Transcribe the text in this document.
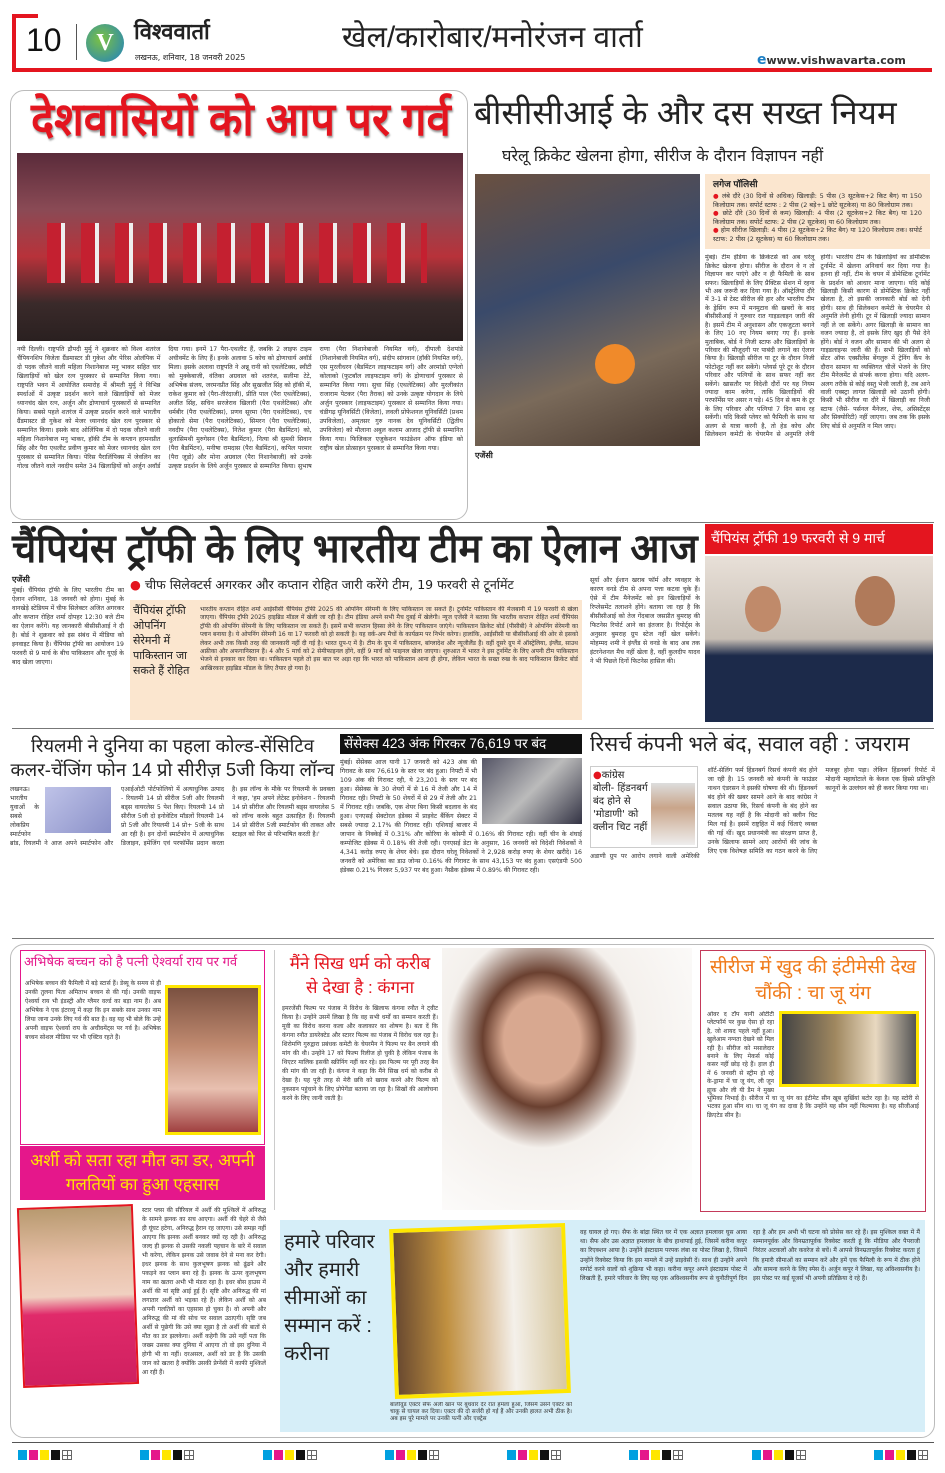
10	V विश्ववार्ता
लखनऊ, शनिवार, 18 जनवरी 2025
खेल/कारोबार/मनोरंजन वार्ता
ewww.vishwavarta.com
देशवासियों को आप पर गर्व
नयी दिल्ली। राष्ट्रपति द्रौपदी मुर्मु ने शुक्रवार को विश्व शतरंज चैंपियनशिप विजेता ग्रैंडमास्टर डी गुकेश और पेरिस ओलंपिक में दो पदक जीतने वाली महिला निशानेबाज मनु भाकर सहित चार खिलाड़ियों को खेल रत्न पुरस्कार से सम्मानित किया गया। राष्ट्रपति भवन में आयोजित समारोह में श्रीमती मुर्मु ने विभिन्न स्पर्धाओं में उत्कृष्ट प्रदर्शन करने वाले खिलाड़ियों को मेजर ध्यानचंद खेल रत्न, अर्जुन और द्रोणाचार्य पुरस्कारों से सम्मानित किया। सबसे पहले शतरंज में उत्कृष्ट प्रदर्शन करने वाले भारतीय ग्रैंडमास्टर डी गुकेश को मेजर ध्यानचंद खेल रत्न पुरस्कार से सम्मानित किया। इसके बाद ओलिंपिक में दो पदक जीतने वाली महिला निशानेबाज मनु भाकर, हॉकी टीम के कप्तान हरमनप्रीत सिंह और पैरा एथलीट प्रवीण कुमार को मेजर ध्यानचंद खेल रत्न पुरस्कार से सम्मानित किया। पेरिस पैरालिंपिक्स में जेवलिन का गोल्ड जीतने वाले नवदीप समेत 34 खिलाड़ियों को अर्जुन अवॉर्ड दिया गया। इनमें 17 पैरा-एथलीट हैं, जबकि 2 लाइफ टाइम अचीवमेंट के लिए हैं। इनके अलावा 5 कोच को द्रोणाचार्य अवॉर्ड मिला। इसके अलावा राष्ट्रपति ने अन्नू रानी को एथलेटिक्स, स्वीटी को मुक्केबाजी, वंतिका अग्रवाल को शतरंज, सलीमा टेटे, अभिषेक संजय, जरमनप्रीत सिंह और सुखजीत सिंह को हॉकी में, राकेश कुमार को (पैरा-तीरंदाजी), प्रीति पाल (पैरा एथलेटिक्स), अजीत सिंह, सचिन सरजेराव खिलारी (पैरा एथलेटिक्स) और धर्मबीर (पैरा एथलेटिक्स), प्रणव सूरमा (पैरा एथलेटिक्स), एच होकातो सेमा (पैरा एथलेटिक्स), सिमरन (पैरा एथलेटिक्स), नवदीप (पैरा एथलेटिक्स), नितेश कुमार (पैरा बैडमिंटन) को, थुलासिमथी मुरुगेसन (पैरा बैडमिंटन), नित्या श्री सुमथी सिवान (पैरा बैडमिंटन), मनीषा रामदास (पैरा बैडमिंटन), कपिल परमार (पैरा जूडो) और मोना अग्रवाल (पैरा निशानेबाजी) को उनके उत्कृष्ट प्रदर्शन के लिये अर्जुन पुरस्कार से सम्मानित किया। सुभाष राणा (पैरा निशानेबाजी नियमित वर्ग), दीपाली देशपांडे (निशानेबाजी नियमित वर्ग), संदीप सांगवान (हॉकी नियमित वर्ग), एस मुरलीधरन (बैडमिंटन लाइफटाइम वर्ग) और अरमांडो एग्नेलो कोलाको (फुटबॉल लाइफटाइम वर्ग) के द्रोणाचार्य पुरस्कार से सम्मानित किया गया। सुचा सिंह (एथलेटिक्स) और मुरलीकांत राजाराम पेटकर (पैरा तैराक) को उनके उत्कृष्ट योगदान के लिये अर्जुन पुरस्कार (लाइफटाइम) पुरस्कार से सम्मानित किया गया। चंडीगढ़ यूनिवर्सिटी (विजेता), लवली प्रोफेशनल यूनिवर्सिटी (प्रथम उपविजेता), अमृतसर गुरु नानक देव यूनिवर्सिटी (द्वितीय उपविजेता) को मौलाना अबुल कलाम आजाद ट्रॉफी से सम्मानित किया गया। फिजिकल एजुकेशन फाउंडेशन ऑफ इंडिया को राष्ट्रीय खेल प्रोत्साहन पुरस्कार से सम्मानित किया गया।
बीसीसीआई के और दस सख्त नियम
घरेलू क्रिकेट खेलना होगा, सीरीज के दौरान विज्ञापन नहीं
एजेंसी
लगेज पॉलिसी
● लंबे दौरे (30 दिनों से अधिक) खिलाड़ी: 5 पीस (3 सूटकेस+2 किट बैग) या 150 किलोग्राम तक। सपोर्ट स्टाफ : 2 पीस (2 बड़े+1 छोटे सूटकेस) या 80 किलोग्राम तक।
● छोटे दौरे (30 दिनों से कम) खिलाड़ी: 4 पीस (2 सूटकेस+2 किट बैग) या 120 किलोग्राम तक। सपोर्ट स्टाफ: 2 पीस (2 सूटकेस) या 60 किलोग्राम तक।
● होम सीरीज खिलाड़ी: 4 पीस (2 सूटकेस+2 किट बैग) या 120 किलोग्राम तक। सपोर्ट स्टाफ: 2 पीस (2 सूटकेस) या 60 किलोग्राम तक।
मुंबई। टीम इंडिया के क्रिकेटर्स को अब घरेलू क्रिकेट खेलना होगा। सीरीज के दौरान वे न तो विज्ञापन कर पाएंगे और न ही फैमिली के साथ सफर। खिलाड़ियों के लिए प्रैक्टिस सेशन में रहना भी अब जरूरी कर दिया गया है। ऑस्ट्रेलिया दौरे में 3-1 से टेस्ट सीरीज की हार और भारतीय टीम के ड्रेसिंग रूम में मनमुटाव की खबरों के बाद बीसीसीआई ने गुरुवार रात गाइडलाइन जारी की है। इसमें टीम में अनुशासन और एकजुटता बनाने के लिए 10 नए नियम बनाए गए हैं। इनके मुताबिक, बोर्ड ने निजी स्टाफ और खिलाड़ियों के परिवार की मौजूदगी पर पाबंदी लगाने का ऐलान किया है। खिलाड़ी सीरीज या टूर के दौरान निजी फोटोशूट नहीं कर सकेंगे। प्लेयर्स पूरे टूर के दौरान परिवार और पत्नियों के साथ सफर नहीं कर सकेंगे। खासतौर पर विदेशी दौरों पर यह नियम ज्यादा काम करेगा, ताकि खिलाड़ियों की परफॉर्मेंस पर असर न पड़े। 45 दिन से कम के टूर के लिए परिवार और पत्नियां 7 दिन साथ रह सकेंगी। यदि किसी प्लेयर को फैमिली के साथ या अलग से यात्रा करनी है, तो हेड कोच और सिलेक्शन कमेटी के चेयरमैन से अनुमति लेनी होगी। भारतीय टीम के खिलाड़ियों का डोमेस्टिक टूर्नामेंट में खेलना अनिवार्य कर दिया गया है। इतना ही नहीं, टीम के चयन में डोमेस्टिक टूर्नामेंट के प्रदर्शन को आधार माना जाएगा। यदि कोई खिलाड़ी किसी कारण से डोमेस्टिक क्रिकेट नहीं खेलता है, तो इसकी जानकारी बोर्ड को देनी होगी। साथ ही सिलेक्शन कमेटी के चेयरमैन से अनुमति लेनी होगी। टूर में खिलाड़ी ज्यादा सामान नहीं ले जा सकेंगे। अगर खिलाड़ी के सामान का वजन ज्यादा है, तो इसके लिए खुद ही पैसे देने होंगे। बोर्ड ने वजन और सामान की भी अलग से गाइडलाइन्स जारी की हैं। सभी खिलाड़ियों को सेंटर ऑफ एक्सीलेंस बेंगलुरु में ट्रेनिंग कैंप के दौरान सामान या व्यक्तिगत चीजें भेजने के लिए टीम मैनेजमेंट से संपर्क करना होगा। यदि अलग-अलग तरीके से कोई वस्तु भेजी जाती है, तब आने वाली एक्स्ट्रा लागत खिलाड़ी को उठानी होगी। किसी भी सीरीज या दौरे में खिलाड़ी का निजी स्टाफ (जैसे- पर्सनल मैनेजर, शेफ, असिस्टेंट्स और सिक्योरिटी) नहीं जाएगा। जब तक कि इसके लिए बोर्ड से अनुमति न मिल जाए।
चैंपियंस ट्रॉफी के लिए भारतीय टीम का ऐलान आज चैंपियंस ट्रॉफी 19 फरवरी से 9 मार्च
एजेंसी
मुंबई। चैंपियंस ट्रॉफी के लिए भारतीय टीम का ऐलान शनिवार, 18 जनवरी को होगा। मुंबई के वानखेड़े स्टेडियम में चीफ सिलेक्टर अजित अगरकर और कप्तान रोहित शर्मा दोपहर 12:30 बजे टीम का ऐलान करेंगे। यह जानकारी बीसीसीआई ने दी है। बोर्ड ने शुक्रवार को इस संबंध में मीडिया को इनवाइट किया है। चैंपियंस ट्रॉफी का आयोजन 19 फरवरी से 9 मार्च के बीच पाकिस्तान और यूएई के बाद खेला जाएगा।
● चीफ सिलेक्टर्स अगरकर और कप्तान रोहित जारी करेंगे टीम, 19 फरवरी से टूर्नामेंट
चैंपियंस ट्रॉफी ओपनिंग सेरेमनी में पाकिस्तान जा सकते हैं रोहित
भारतीय कप्तान रोहित शर्मा आईसीसी चैंपियंस ट्रॉफी 2025 की ओपनिंग सेरेमनी के लिए पाकिस्तान जा सकते हैं। टूर्नामेंट पाकिस्तान की मेजबानी में 19 फरवरी से खेला जाएगा। चैंपियंस ट्रॉफी 2025 हाइब्रिड मॉडल में खेली जा रही है। टीम इंडिया अपने सभी मैच दुबई में खेलेगी। न्यूज एजेंसी ने बताया कि भारतीय कप्तान रोहित शर्मा चैंपियंस ट्रॉफी की ओपनिंग सेरेमनी के लिए पाकिस्तान जा सकते हैं। इसमें सभी कप्तान हिस्सा लेने के लिए पाकिस्तान जाएंगे। पाकिस्तान क्रिकेट बोर्ड (पीसीबी) ने ओपनिंग सेरेमनी का प्लान बनाया है। ये ओपनिंग सेरेमनी 16 या 17 फरवरी को हो सकती है। यह वर्क-अप मैचों के कार्यक्रम पर निर्भर करेगा। हालांकि, आईसीसी या बीसीसीआई की ओर से इसको लेकर अभी तक किसी तरह की जानकारी नहीं दी गई है। भारत ग्रुप-ए में है। टीम के ग्रुप में पाकिस्तान, बांग्लादेश और न्यूजीलैंड हैं। वहीं दूसरे ग्रुप में ऑस्ट्रेलिया, इंग्लैंड, साउथ अफ्रीका और अफगानिस्तान हैं। 4 और 5 मार्च को 2 सेमीफाइनल होंगे, वहीं 9 मार्च को फाइनल खेला जाएगा। शुरुआत में भारत ने इस टूर्नामेंट के लिए अपनी टीम पाकिस्तान भेजने से इनकार कर दिया था। पाकिस्तान पहले तो इस बात पर अड़ा रहा कि भारत को पाकिस्तान आना ही होगा, लेकिन भारत के सख्त रुख के बाद पाकिस्तान क्रिकेट बोर्ड आखिरकार हाइब्रिड मॉडल के लिए तैयार हो गया है।
सूर्या और ईशान खराब फॉर्म और व्यवहार के कारण वनडे टीम से अपना पत्ता कटवा चुके हैं। ऐसे में टीम मैनेजमेंट को इन खिलाड़ियों के रिप्लेसमेंट तलाशने होंगे। बताया जा रहा है कि बीसीसीआई को तेज गेंदबाज जसप्रीत बुमराह की फिटनेस रिपोर्ट आने का इंतजार है। रिपोर्ट्स के अनुसार बुमराह ग्रुप स्टेज नहीं खेल सकेंगे। मोहम्मद शमी ने इंग्लैंड से वनडे के बाद अब तक इंटरनेशनल मैच नहीं खेला है, वहीं कुलदीप यादव ने भी पिछले दिनों फिटनेस हासिल की।
रियलमी ने दुनिया का पहला कोल्ड-सेंसिटिव कलर-चेंजिंग फोन 14 प्रो सीरीज़ 5जी किया लॉन्च
लखनऊ। भारतीय युवाओं के सबसे लोकप्रिय स्मार्टफोन ब्रांड, रियलमी ने आज अपने स्मार्टफोन और एआईओटी पोर्टफोलियो में अत्याधुनिक उत्पाद - रियलमी 14 प्रो सीरीज 5जी और रियलमी बड्स वायरलेस 5 पेश किए। रियलमी 14 प्रो सीरीज 5जी दो इनोवेटिव मॉडलों रियलमी 14 प्रो 5जी और रियलमी 14 प्रो+ 5जी के साथ आ रही है। इन दोनों स्मार्टफोन में अत्याधुनिक डिजाइन, इमेजिंग एवं परफॉर्मेंस प्रदान करता है। इस लॉन्च के मौके पर रियलमी के प्रवक्ता ने कहा, 'हम अपने लेटेस्ट इनोवेशन - रियलमी 14 प्रो सीरीज और रियलमी बड्स वायरलेस 5 को लॉन्च करके बहुत उत्साहित हैं। रियलमी 14 प्रो सीरीज 5जी स्मार्टफोन की ताकत और स्टाइल को फिर से परिभाषित करती है।'
सेंसेक्स 423 अंक गिरकर 76,619 पर बंद
मुंबई। सेंसेक्स आज यानी 17 जनवरी को 423 अंक की गिरावट के साथ 76,619 के स्तर पर बंद हुआ। निफ्टी में भी 109 अंक की गिरावट रही, ये 23,201 के स्तर पर बंद हुआ। सेंसेक्स के 30 शेयरों में से 16 में तेजी और 14 में गिरावट रही। निफ्टी के 50 शेयरों में से 29 में तेजी और 21 में गिरावट रही। जबकि, एक शेयर बिना किसी बदलाव के बंद हुआ। एनएसई सेक्टोरल इंडेक्स में प्राइवेट बैंकिंग सेक्टर में सबसे ज्यादा 2.17% की गिरावट रही। एशियाई बाजार में जापान के निक्केई में 0.31% और कोरिया के कोस्पी में 0.16% की गिरावट रही। वहीं चीन के शंघाई कम्पोजिट इंडेक्स में 0.18% की तेजी रही। एनएसई डेटा के अनुसार, 16 जनवरी को विदेशी निवेशकों ने 4,341 करोड़ रुपए के शेयर बेचे। इस दौरान घरेलू निवेशकों ने 2,928 करोड़ रुपए के शेयर खरीदे। 16 जनवरी को अमेरिका का डाउ जोन्स 0.16% की गिरावट के साथ 43,153 पर बंद हुआ। एसएंडपी 500 इंडेक्स 0.21% गिरकर 5,937 पर बंद हुआ। नैस्डैक इंडेक्स में 0.89% की गिरावट रही।
रिसर्च कंपनी भले बंद, सवाल वही : जयराम
●कांग्रेस बोली- हिंडनबर्ग बंद होने से 'मोडाणी' को क्लीन चिट नहीं
अडाणी ग्रुप पर आरोप लगाने वाली अमेरिकी शॉर्ट-सेलिंग फर्म हिंडनबर्ग रिसर्च कंपनी बंद होने जा रही है। 15 जनवरी को कंपनी के फाउंडर नाथन एंडरसन ने इसकी घोषणा की थी। हिंडनबर्ग बंद होने की खबर सामने आने के बाद कांग्रेस ने सवाल उठाया कि, रिसर्च कंपनी के बंद होने का मतलब यह नहीं है कि मोदानी को क्लीन चिट मिल गई है। इसमें राष्ट्रहित में कई चिंताएं व्यक्त की गई थीं। खुद प्रधानमंत्री का संरक्षण प्राप्त है, उनके खिलाफ सामने आए आरोपों की जांच के लिए एक विशेषज्ञ समिति का गठन करने के लिए मजबूर होना पड़ा। लेकिन हिंडनबर्ग रिपोर्ट में मोदानी महाघोटाले के केवल एक हिस्से प्रतिभूति कानूनों के उल्लंघन को ही कवर किया गया था।
अभिषेक बच्चन को है पत्नी ऐश्वर्या राय पर गर्व
अभिषेक बच्चन की फैमिली में बड़े स्टार्स हैं। डेब्यू के समय से ही उनकी तुलना पिता अमिताभ बच्चन से की गई। उनकी वाइफ ऐश्वर्या राय भी इंडस्ट्री और ग्लैमर वर्ल्ड का बड़ा नाम हैं। अब अभिषेक ने एक इंटरव्यू में कहा कि इन सबके साथ उनका नाम लिया जाना उनके लिए गर्व की बात है। वह यह भी बोले कि उन्हें अपनी वाइफ ऐश्वर्या राय के अचीवमेंट्स पर गर्व है। अभिषेक बच्चन सोशल मीडिया पर भी एक्टिव रहते हैं।
अर्शी को सता रहा मौत का डर, अपनी गलतियों का हुआ एहसास
स्टार प्लस की सीरियल में अर्शी की मुश्किलें में अनिरुद्ध के सामने झनक का सच आएगा। अर्शी की चेहरे से जैसे ही घूंघट हटेगा, अनिरुद्ध हैरान रह जाएगा। उसे समझ नहीं आएगा कि झनक अर्शी बनकर क्यों रह रही है। अनिरुद्ध जल्द ही झनक से उसकी नकली पहचान के बारे में सवाल भी करेगा, लेकिन झनक उसे जवाब देने से मना कर देगी। इधर झनक के साथ कुलभूषण झनक को ढूंढने और पकड़ने का प्लान बना रहे हैं। झनक के ऊपर कुलभूषण नाम का खतरा अभी भी मंडरा रहा है। इधर बोस हाउस में अर्शी की मां सृष्टि आई हुई हैं। सृष्टि और अनिरुद्ध की मां लगातार अर्शी को भड़का रहे हैं। लेकिन अर्शी को अब अपनी गलतियों का एहसास हो चुका है। वो अपनी और अनिरुद्ध की मां की सोच पर सवाल उठाएगी। सृष्टि जब अर्शी से पूछेगी कि उसे क्या सूझा है तो अर्शी की बातों से मौत का डर झलकेगा। अर्शी कहेगी कि उसे नहीं पता कि जख्म उसका क्या दुनिया में आएगा तो वो इस दुनिया में होगी भी या नहीं। दरअसल, अर्शी को डर है कि उसकी जान को खतरा है क्योंकि उसकी प्रेग्नेंसी में काफी मुश्किलें आ रही हैं।
मैंने सिख धर्म को करीब से देखा है : कंगना
इमरजेंसी फिल्म पर पंजाब में विरोध के खिलाफ कंगना रनौत ने ट्वीट किया है। उन्होंने उसमें लिखा है कि वह सभी धर्मों का सम्मान करती हैं। मूवी का विरोध करना कला और कलाकार का शोषण है। बता दें कि कंगना रनौत डायरेक्टेड और स्टारर फिल्म का पंजाब में विरोध चल रहा है। शिरोमणि गुरुद्वारा प्रबंधक कमेटी के चेयरमैन ने फिल्म पर बैन लगाने की मांग की थी। उन्होंने 17 को फिल्म रिलीज हो चुकी है लेकिन पंजाब के थिएटर मालिक इसकी स्क्रीनिंग नहीं कर रहे। इस फिल्म पर पूरी तरह बैन की मांग की जा रही है। कंगना ने कहा कि मैंने सिख धर्म को करीब से देखा है। यह पूरी तरह से मेरी छवि को खराब करने और फिल्म को नुकसान पहुंचाने के लिए प्रोपेगेंडा बताया जा रहा है। सिखों की आलोचना करने के लिए जानी जाती है।
सीरीज में खुद की इंटीमेसी देख चौंकी : चा जू यंग
ओवर द टॉप यानी ओटीटी प्लेटफॉर्म पर कुछ ऐसा हो रहा है, जो शायद पहले नहीं हुआ। खुलेआम नग्नता देखने को मिल रही है। सीरीज को मसालेदार बनाने के लिए मेकर्स कोई कसर नहीं छोड़ रहे हैं। हाल ही में 6 जनवरी से स्ट्रीम हो रहे के-ड्रामा में चा जू यंग, ली जून ह्युक और ली यी डैम ने मुख्य भूमिका निभाई है। सीरीज में चा जू यंग का इंटीमेट सीन खूब सुर्खियां बटोर रहा है। यह स्टोरी से भटका हुआ सीन था। चा जू यंग का दावा है कि उन्होंने यह सीन नहीं फिल्माया है। यह सीजीआई क्रिएटेड सीन है।
हमारे परिवार और हमारी सीमाओं का सम्मान करें : करीना
बॉलीवुड एक्टर सैफ अली खान पर बुधवार देर रात हमला हुआ, जिसमें उसने एक्टर को चाकू से घायल कर दिया। एक्टर की दो सर्जरी हो गई हैं और उनकी हालत अभी ठीक है। अब इस पूरे मामले पर उनकी पत्नी और एक्ट्रेस
वह घायल हो गए। सैफ के बांद्रा स्थित घर में एक अज्ञात हमलावर घुस आया था। सैफ और उस अज्ञात हमलावर के बीच हाथापाई हुई, जिसमें करीना कपूर का रिएक्शन आया है। उन्होंने इंस्टाग्राम परपक लंबा सा पोस्ट लिखा है, जिसमें उन्होंने रिक्वेस्ट किया कि इस मामले में उन्हें प्राइवेसी दें। साथ ही उन्होंने अपने सपोर्ट करने वालों को शुक्रिया भी कहा। करीना कपूर अपने इंस्टाग्राम पोस्ट में लिखती हैं, हमारे परिवार के लिए यह एक अविश्वसनीय रूप से चुनौतीपूर्ण दिन रहा है और हम अभी भी घटना को प्रोसेस कर रहे हैं। इस मुश्किल वक्त में मैं सम्मानपूर्वक और विनम्रतापूर्वक रिक्वेस्ट करती हूं कि मीडिया और पैपराजी निरंतर अटकलों और कवरेज से बचें। मैं आपसे विनम्रतापूर्वक रिक्वेस्ट करता हूं कि हमारी सीमाओं का सम्मान करें और हमें एक फैमिली के रूप में ठीक होने और सामना करने के लिए स्पेस दें। अर्जुन कपूर ने लिखा, यह अविश्वसनीय है। इस पोस्ट पर कई यूजर्स भी अपनी प्रतिक्रिया दे रहे हैं।
